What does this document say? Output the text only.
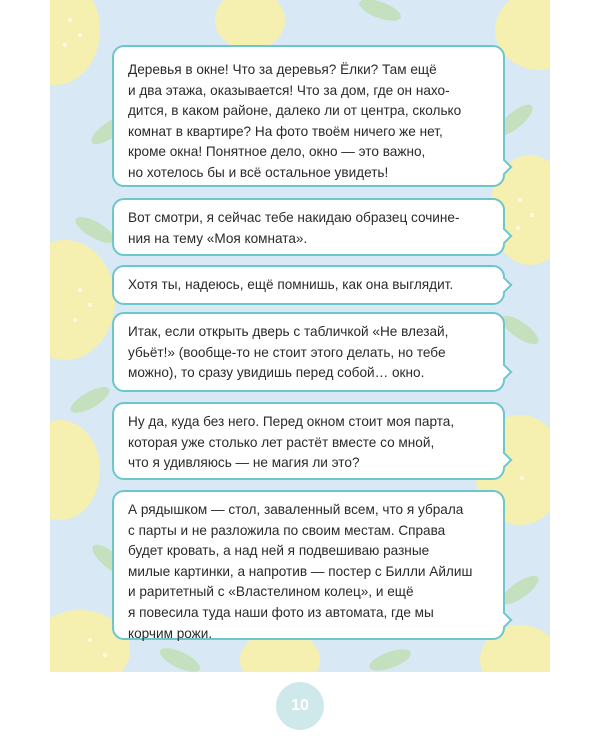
Деревья в окне! Что за деревья? Ёлки? Там ещё
и два этажа, оказывается! Что за дом, где он нахо-
дится, в каком районе, далеко ли от центра, сколько
комнат в квартире? На фото твоём ничего же нет,
кроме окна! Понятное дело, окно — это важно,
но хотелось бы и всё остальное увидеть!
Вот смотри, я сейчас тебе накидаю образец сочине-
ния на тему «Моя комната».
Хотя ты, надеюсь, ещё помнишь, как она выглядит.
Итак, если открыть дверь с табличкой «Не влезай,
убьёт!» (вообще-то не стоит этого делать, но тебе
можно), то сразу увидишь перед собой… окно.
Ну да, куда без него. Перед окном стоит моя парта,
которая уже столько лет растёт вместе со мной,
что я удивляюсь — не магия ли это?
А рядышком — стол, заваленный всем, что я убрала
с парты и не разложила по своим местам. Справа
будет кровать, а над ней я подвешиваю разные
милые картинки, а напротив — постер с Билли Айлиш
и раритетный с «Властелином колец», и ещё
я повесила туда наши фото из автомата, где мы
корчим рожи.
10
